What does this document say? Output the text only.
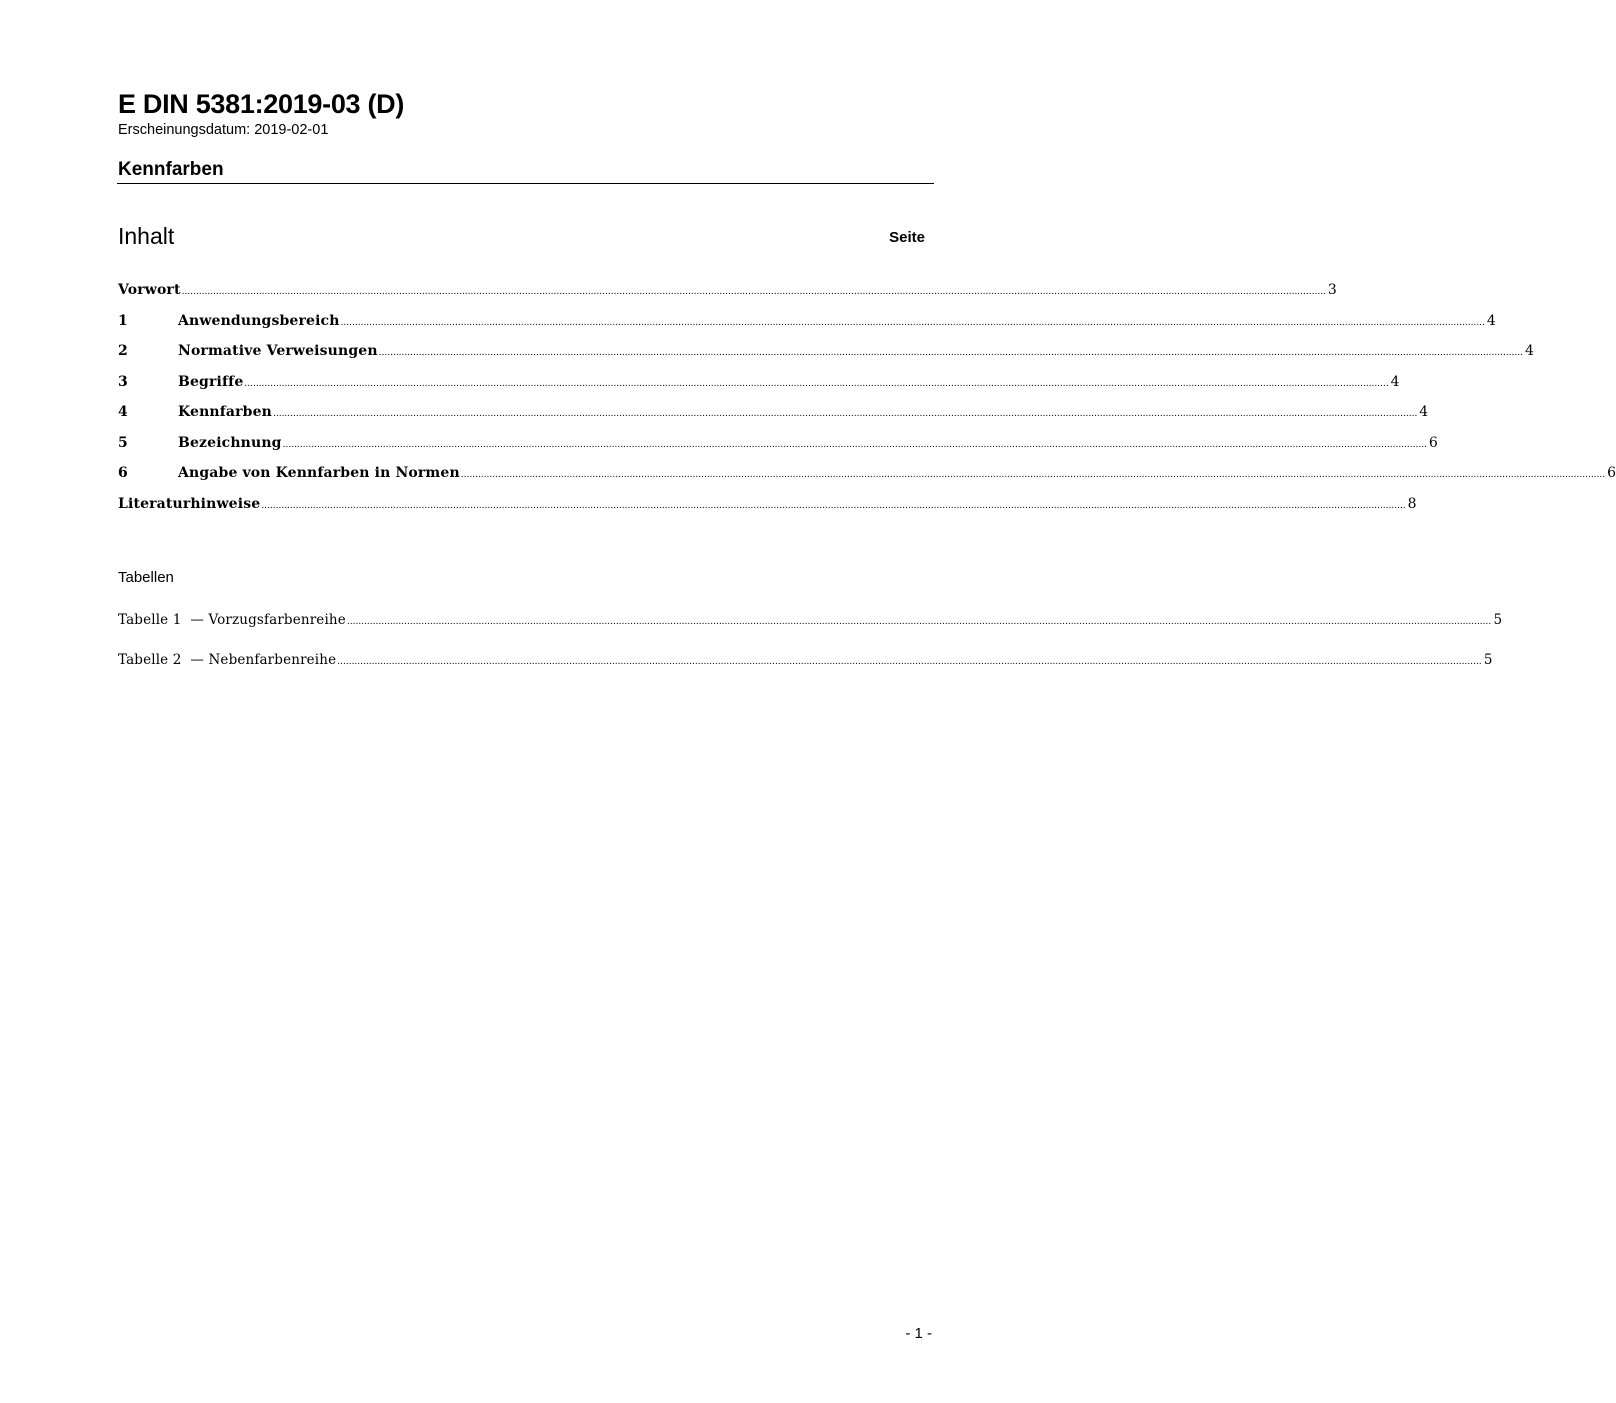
E DIN 5381:2019-03 (D)
Erscheinungsdatum: 2019-02-01
Kennfarben
Inhalt	Seite
Vorwort ................................................................................................................................................................................................................................................................................................................................................................................................................ 3
1	Anwendungsbereich ................................................................................................................................................................................................................................................................................................................................................................................................................ 4
2	Normative Verweisungen ................................................................................................................................................................................................................................................................................................................................................................................................................ 4
3	Begriffe ................................................................................................................................................................................................................................................................................................................................................................................................................ 4
4	Kennfarben ................................................................................................................................................................................................................................................................................................................................................................................................................ 4
5	Bezeichnung ................................................................................................................................................................................................................................................................................................................................................................................................................ 6
6	Angabe von Kennfarben in Normen ................................................................................................................................................................................................................................................................................................................................................................................................................ 6
Literaturhinweise ................................................................................................................................................................................................................................................................................................................................................................................................................ 8
Tabellen
Tabelle 1  — Vorzugsfarbenreihe ................................................................................................................................................................................................................................................................................................................................................................................................................ 5
Tabelle 2  — Nebenfarbenreihe ................................................................................................................................................................................................................................................................................................................................................................................................................ 5
- 1 -
